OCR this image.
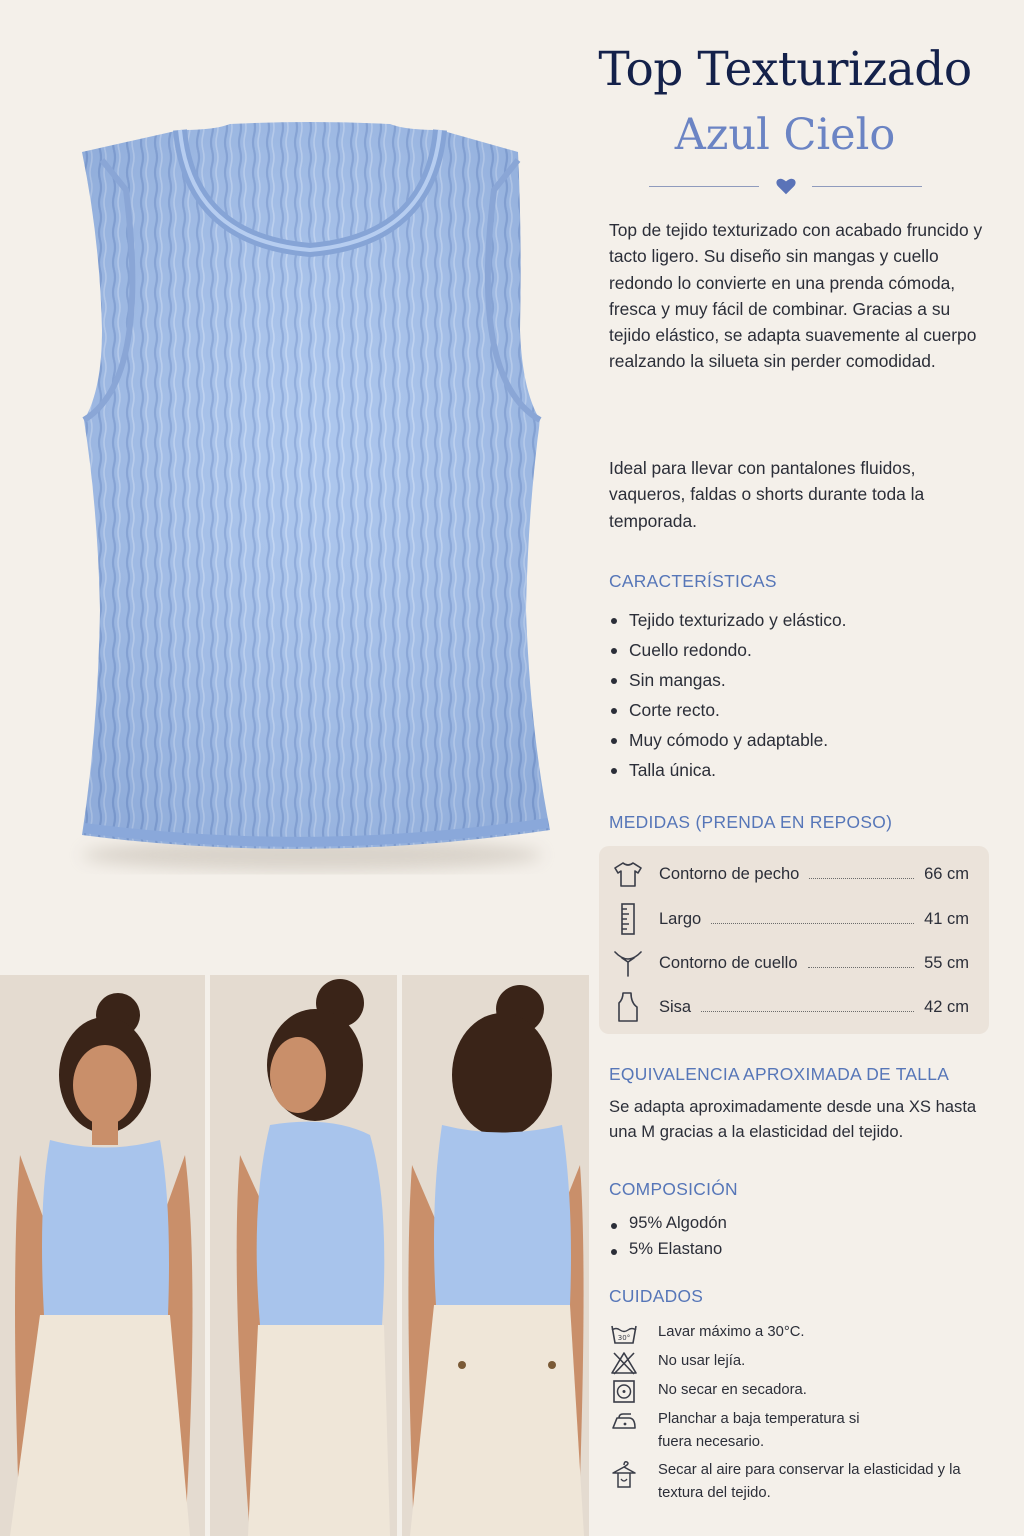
Top Texturizado
Azul Cielo
Top de tejido texturizado con acabado fruncido y tacto ligero. Su diseño sin mangas y cuello redondo lo convierte en una prenda cómoda, fresca y muy fácil de combinar. Gracias a su tejido elástico, se adapta suavemente al cuerpo realzando la silueta sin perder comodidad.
Ideal para llevar con pantalones fluidos, vaqueros, faldas o shorts durante toda la temporada.
CARACTERÍSTICAS
Tejido texturizado y elástico.
Cuello redondo.
Sin mangas.
Corte recto.
Muy cómodo y adaptable.
Talla única.
MEDIDAS (PRENDA EN REPOSO)
Contorno de pecho	66 cm
Largo	41 cm
Contorno de cuello	55 cm
Sisa	42 cm
EQUIVALENCIA APROXIMADA DE TALLA
Se adapta aproximadamente desde una XS hasta una M gracias a la elasticidad del tejido.
COMPOSICIÓN
95% Algodón
5% Elastano
CUIDADOS
30° Lavar máximo a 30°C.
No usar lejía.
No secar en secadora.
Planchar a baja temperatura si fuera necesario.
Secar al aire para conservar la elasticidad y la textura del tejido.
